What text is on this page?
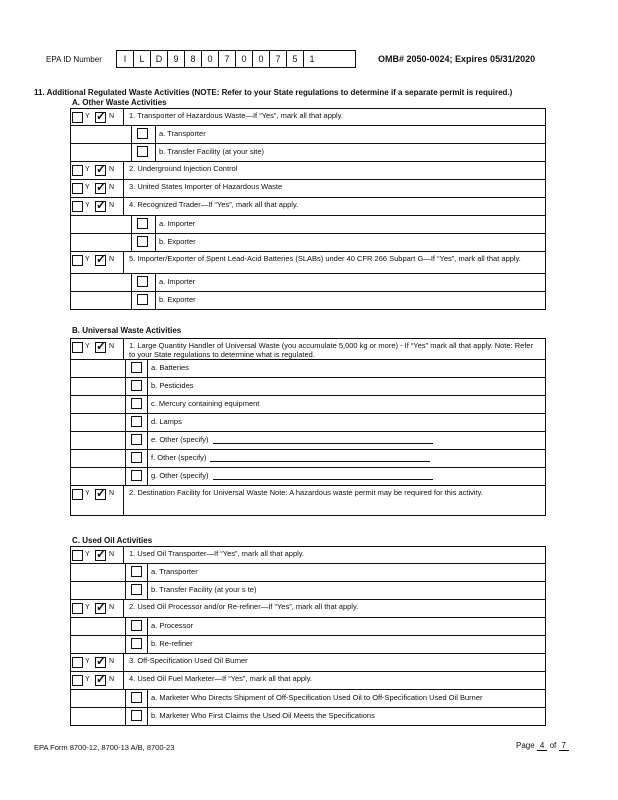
EPA ID Number	I	L	D	9	8	0	7	0	0	7	5	1	OMB# 2050-0024; Expires 05/31/2020
11. Additional Regulated Waste Activities (NOTE: Refer to your State regulations to determine if a separate permit is required.)
A. Other Waste Activities
Y ✓	N 1. Transporter of Hazardous Waste—If “Yes”, mark all that apply.
a. Transporter
b. Transfer Facility (at your site)
Y ✓	N 2. Underground Injection Control
Y ✓	N 3. United States Importer of Hazardous Waste
Y ✓	N 4. Recognized Trader—If “Yes”, mark all that apply.
a. Importer
b. Exporter
Y ✓	N 5. Importer/Exporter of Spent Lead-Acid Batteries (SLABs) under 40 CFR 266 Subpart G—If “Yes”, mark all that apply.
a. Importer
b. Exporter
B. Universal Waste Activities
Y ✓	N 1. Large Quantity Handler of Universal Waste (you accumulate 5,000 kg or more) - If “Yes” mark all that apply. Note: Refer to your State regulations to determine what is regulated.
a. Batteries
b. Pesticides
c. Mercury containing equipment
d. Lamps
e. Other (specify)
f. Other (specify)
g. Other (specify)
Y ✓	N 2. Destination Facility for Universal Waste Note: A hazardous waste permit may be required for this activity.
C. Used Oil Activities
Y ✓	N 1. Used Oil Transporter—If “Yes”, mark all that apply.
a. Transporter
b. Transfer Facility (at your s te)
Y ✓	N 2. Used Oil Processor and/or Re-refiner—If “Yes”, mark all that apply.
a. Processor
b. Re-refiner
Y ✓	N 3. Off-Specification Used Oil Burner
Y ✓	N 4. Used Oil Fuel Marketer—If “Yes”, mark all that apply.
a. Marketer Who Directs Shipment of Off-Specification Used Oil to Off-Specification Used Oil Burner
b. Marketer Who First Claims the Used Oil Meets the Specifications
EPA Form 8700-12, 8700-13 A/B, 8700-23	Page 4 of 7
